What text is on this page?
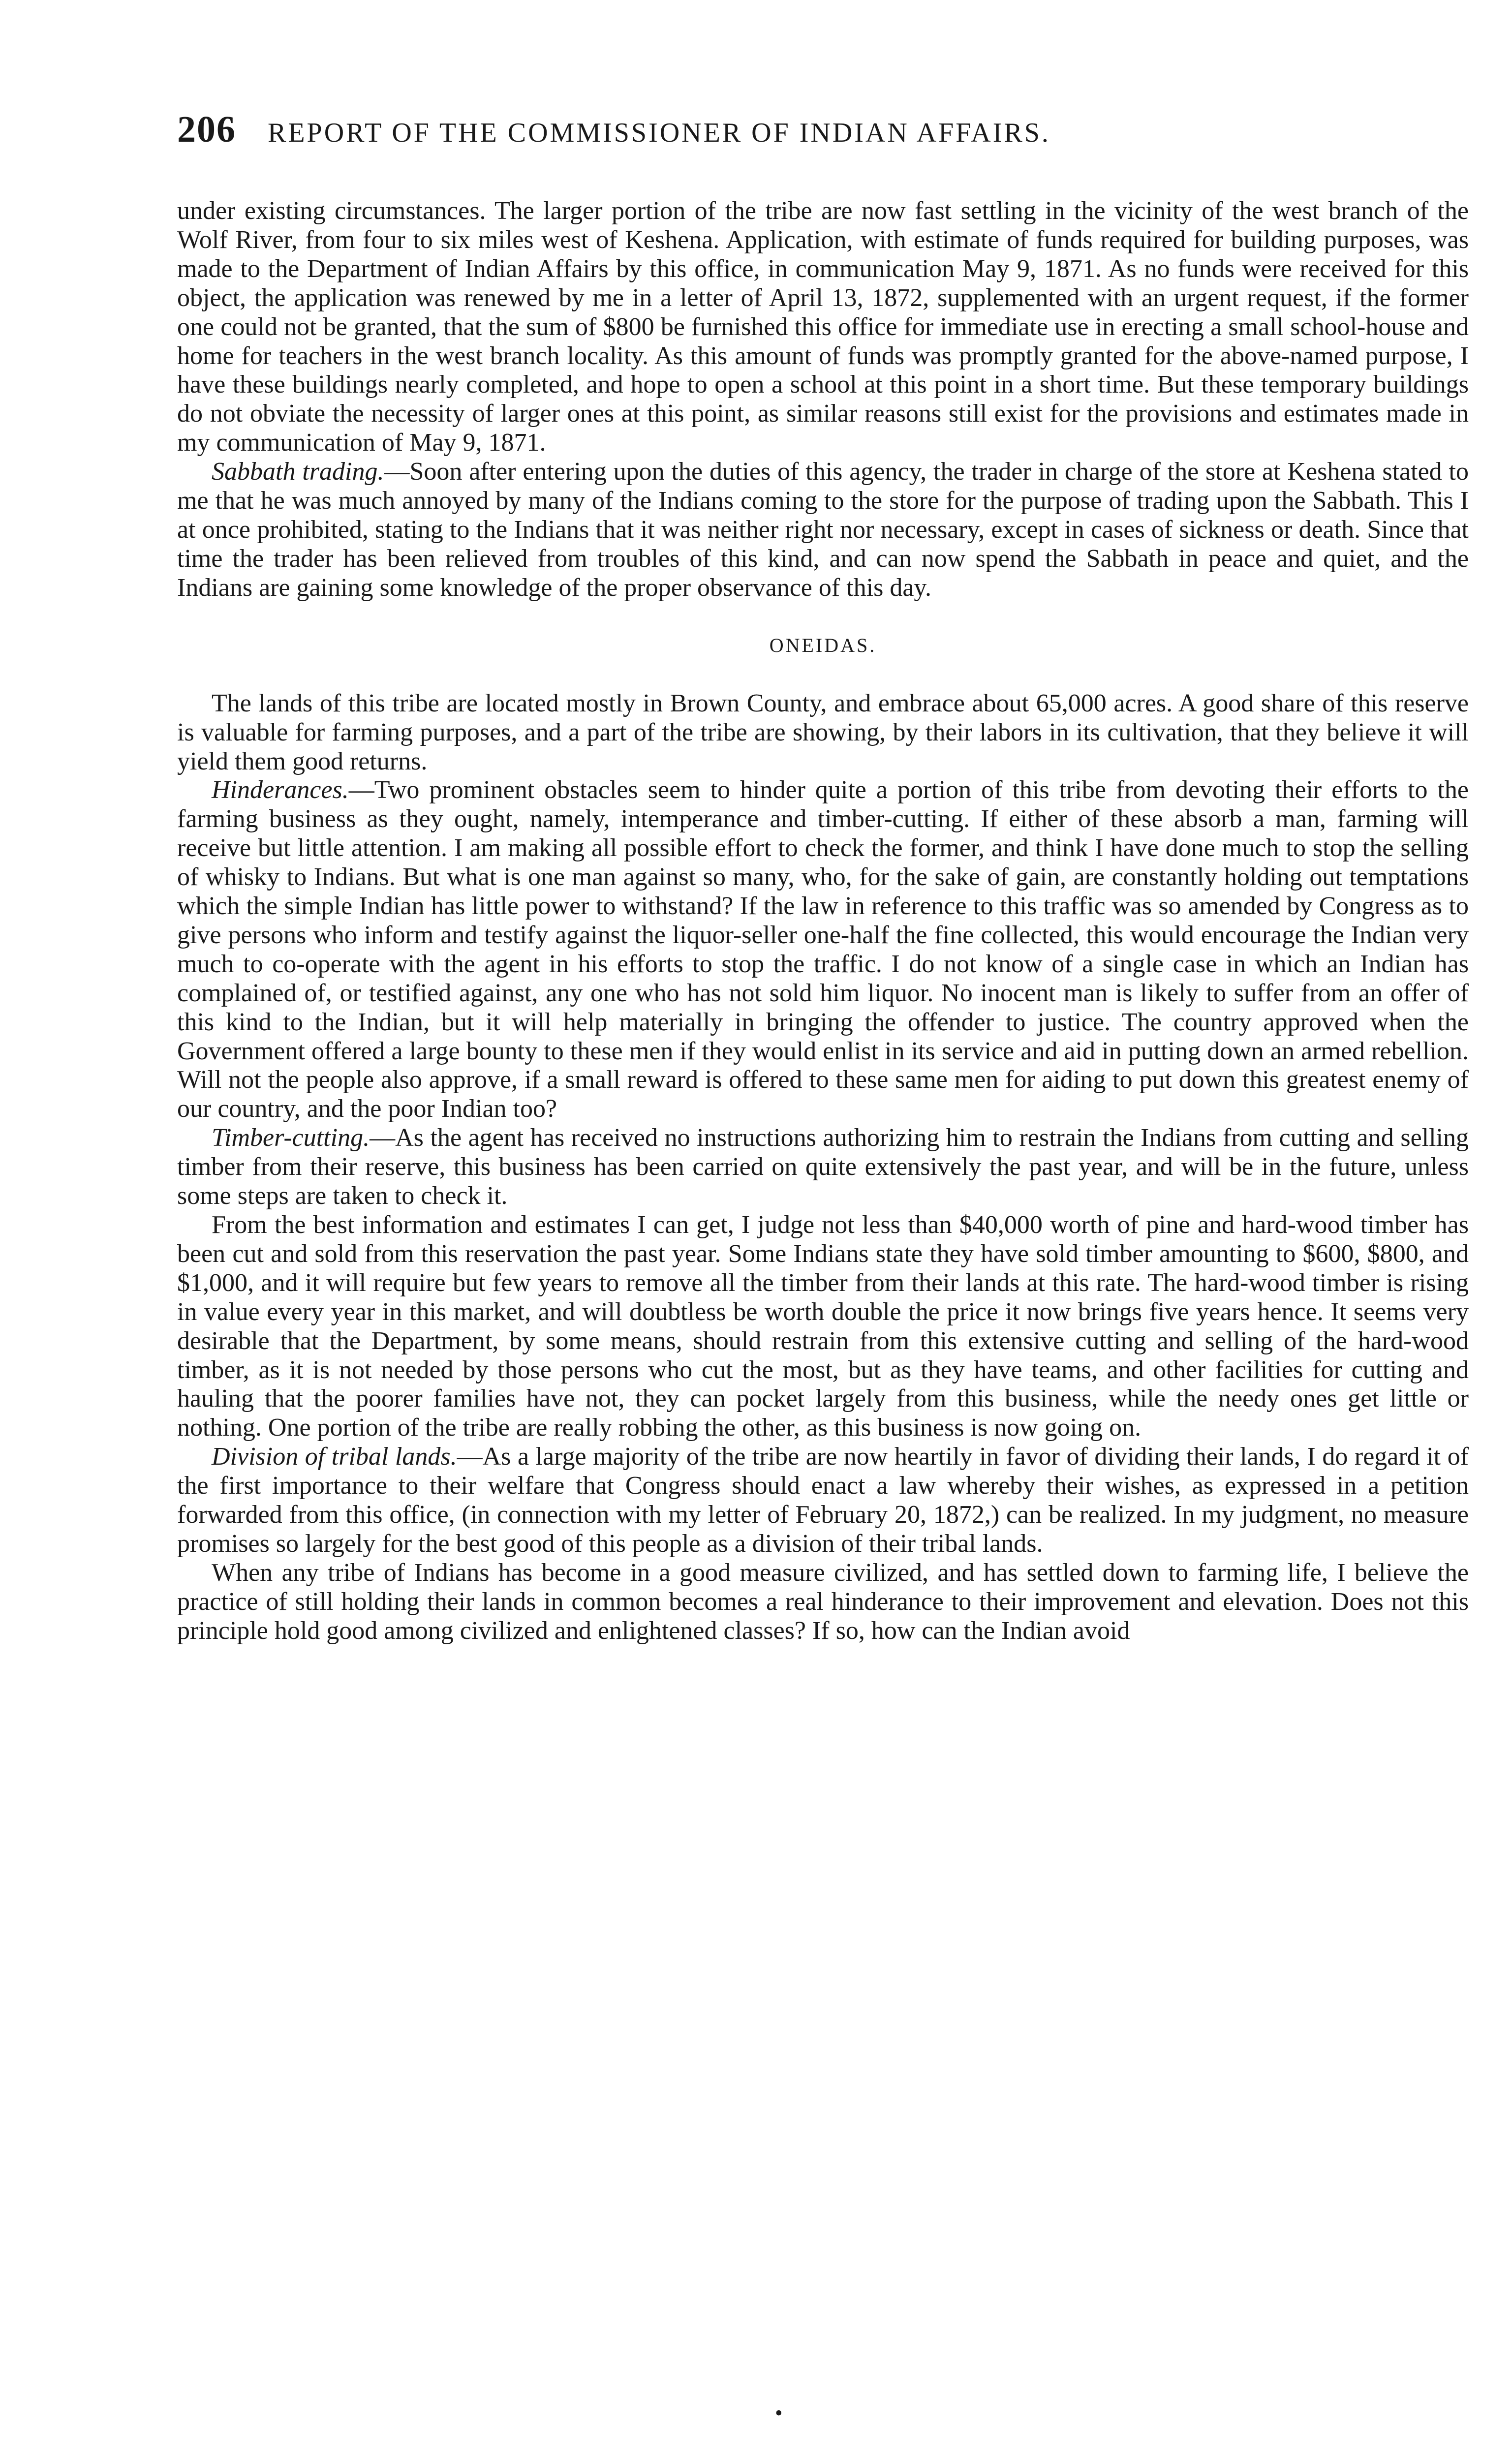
206 REPORT OF THE COMMISSIONER OF INDIAN AFFAIRS.

under existing circumstances. The larger portion of the tribe are now fast settling in the vicinity of the west branch of the Wolf River, from four to six miles west of Keshena. Application, with estimate of funds required for building purposes, was made to the Department of Indian Affairs by this office, in communication May 9, 1871. As no funds were received for this object, the application was renewed by me in a letter of April 13, 1872, supplemented with an urgent request, if the former one could not be granted, that the sum of $800 be furnished this office for immediate use in erecting a small school-house and home for teachers in the west branch locality. As this amount of funds was promptly granted for the above-named purpose, I have these buildings nearly completed, and hope to open a school at this point in a short time. But these temporary buildings do not obviate the necessity of larger ones at this point, as similar reasons still exist for the provisions and estimates made in my communication of May 9, 1871.

Sabbath trading.—Soon after entering upon the duties of this agency, the trader in charge of the store at Keshena stated to me that he was much annoyed by many of the Indians coming to the store for the purpose of trading upon the Sabbath. This I at once prohibited, stating to the Indians that it was neither right nor necessary, except in cases of sickness or death. Since that time the trader has been relieved from troubles of this kind, and can now spend the Sabbath in peace and quiet, and the Indians are gaining some knowledge of the proper observance of this day.

ONEIDAS.

The lands of this tribe are located mostly in Brown County, and embrace about 65,000 acres. A good share of this reserve is valuable for farming purposes, and a part of the tribe are showing, by their labors in its cultivation, that they believe it will yield them good returns.

Hinderances.—Two prominent obstacles seem to hinder quite a portion of this tribe from devoting their efforts to the farming business as they ought, namely, intemperance and timber-cutting. If either of these absorb a man, farming will receive but little attention. I am making all possible effort to check the former, and think I have done much to stop the selling of whisky to Indians. But what is one man against so many, who, for the sake of gain, are constantly holding out temptations which the simple Indian has little power to withstand? If the law in reference to this traffic was so amended by Congress as to give persons who inform and testify against the liquor-seller one-half the fine collected, this would encourage the Indian very much to co-operate with the agent in his efforts to stop the traffic. I do not know of a single case in which an Indian has complained of, or testified against, any one who has not sold him liquor. No inocent man is likely to suffer from an offer of this kind to the Indian, but it will help materially in bringing the offender to justice. The country approved when the Government offered a large bounty to these men if they would enlist in its service and aid in putting down an armed rebellion. Will not the people also approve, if a small reward is offered to these same men for aiding to put down this greatest enemy of our country, and the poor Indian too?

Timber-cutting.—As the agent has received no instructions authorizing him to restrain the Indians from cutting and selling timber from their reserve, this business has been carried on quite extensively the past year, and will be in the future, unless some steps are taken to check it.

From the best information and estimates I can get, I judge not less than $40,000 worth of pine and hard-wood timber has been cut and sold from this reservation the past year. Some Indians state they have sold timber amounting to $600, $800, and $1,000, and it will require but few years to remove all the timber from their lands at this rate. The hard-wood timber is rising in value every year in this market, and will doubtless be worth double the price it now brings five years hence. It seems very desirable that the Department, by some means, should restrain from this extensive cutting and selling of the hard-wood timber, as it is not needed by those persons who cut the most, but as they have teams, and other facilities for cutting and hauling that the poorer families have not, they can pocket largely from this business, while the needy ones get little or nothing. One portion of the tribe are really robbing the other, as this business is now going on.

Division of tribal lands.—As a large majority of the tribe are now heartily in favor of dividing their lands, I do regard it of the first importance to their welfare that Congress should enact a law whereby their wishes, as expressed in a petition forwarded from this office, (in connection with my letter of February 20, 1872,) can be realized. In my judgment, no measure promises so largely for the best good of this people as a division of their tribal lands.

When any tribe of Indians has become in a good measure civilized, and has settled down to farming life, I believe the practice of still holding their lands in common becomes a real hinderance to their improvement and elevation. Does not this principle hold good among civilized and enlightened classes? If so, how can the Indian avoid

•
